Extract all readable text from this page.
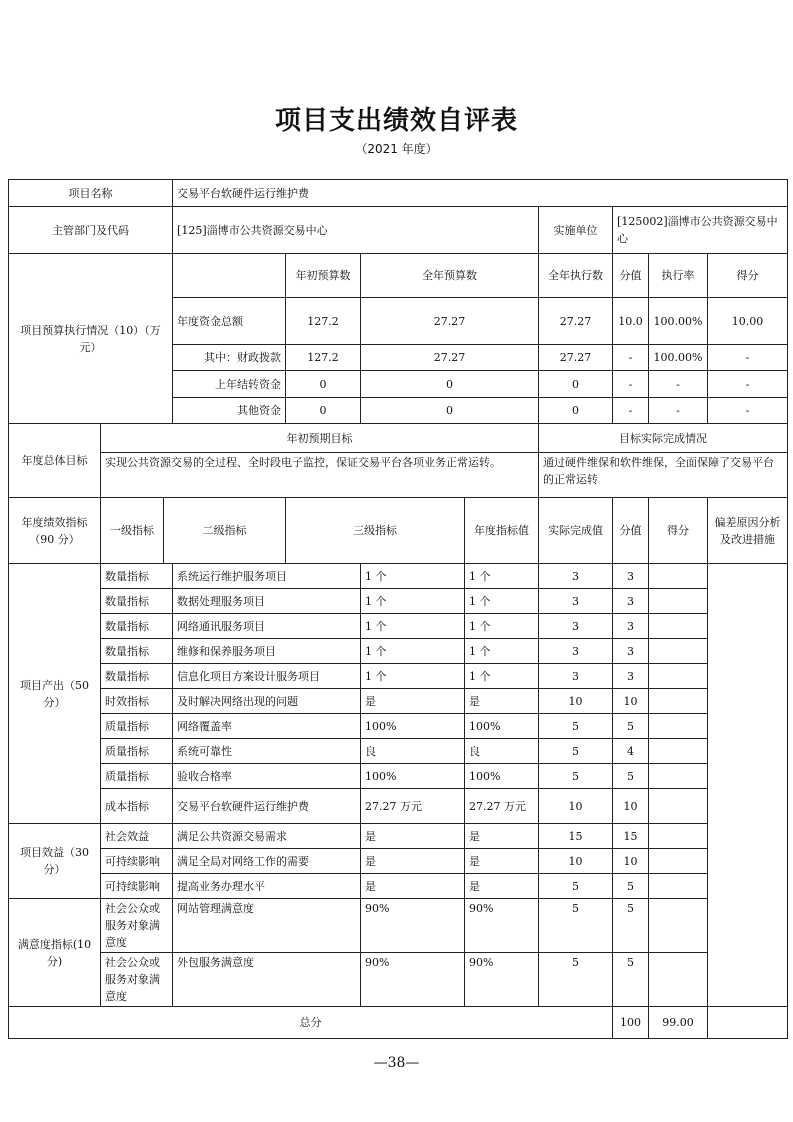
项目支出绩效自评表
（2021 年度）
项目名称			交易平台软硬件运行维护费							
主管部门及代码			[125]淄博市公共资源交易中心				实施单位	[125002]淄博市公共资源交易中心		
项目预算执行情况（10）（万元）				年初预算数	全年预算数		全年执行数	分值	执行率	得分
			年度资金总额	127.2	27.27		27.27	10.0	100.00%	10.00
			其中：财政拨款	127.2	27.27		27.27	-	100.00%	-
			上年结转资金	0	0		0	-	-	-
			其他资金	0	0		0	-	-	-
年度总体目标	年初预期目标						目标实际完成情况			
	实现公共资源交易的全过程、全时段电子监控，保证交易平台各项业务正常运转。						通过硬件维保和软件维保，全面保障了交易平台的正常运转			
年度绩效指标（90 分）	一级指标	二级指标		三级指标		年度指标值	实际完成值	分值	得分	偏差原因分析及改进措施
项目产出（50 分）	数量指标		系统运行维护服务项目		1 个	1 个	3	3		
	数量指标		数据处理服务项目		1 个	1 个	3	3		
	数量指标		网络通讯服务项目		1 个	1 个	3	3		
	数量指标		维修和保养服务项目		1 个	1 个	3	3		
	数量指标		信息化项目方案设计服务项目		1 个	1 个	3	3		
	时效指标		及时解决网络出现的问题		是	是	10	10		
	质量指标		网络覆盖率		100%	100%	5	5		
	质量指标		系统可靠性		良	良	5	4		
	质量指标		验收合格率		100%	100%	5	5		
	成本指标		交易平台软硬件运行维护费		27.27 万元	27.27 万元	10	10		
项目效益（30 分）	社会效益		满足公共资源交易需求		是	是	15	15		
	可持续影响		满足全局对网络工作的需要		是	是	10	10		
	可持续影响		提高业务办理水平		是	是	5	5		
满意度指标(10 分)	社会公众或服务对象满意度		网站管理满意度		90%	90%	5	5		
	社会公众或服务对象满意度		外包服务满意度		90%	90%	5	5		
总分								100	99.00	
—38—
